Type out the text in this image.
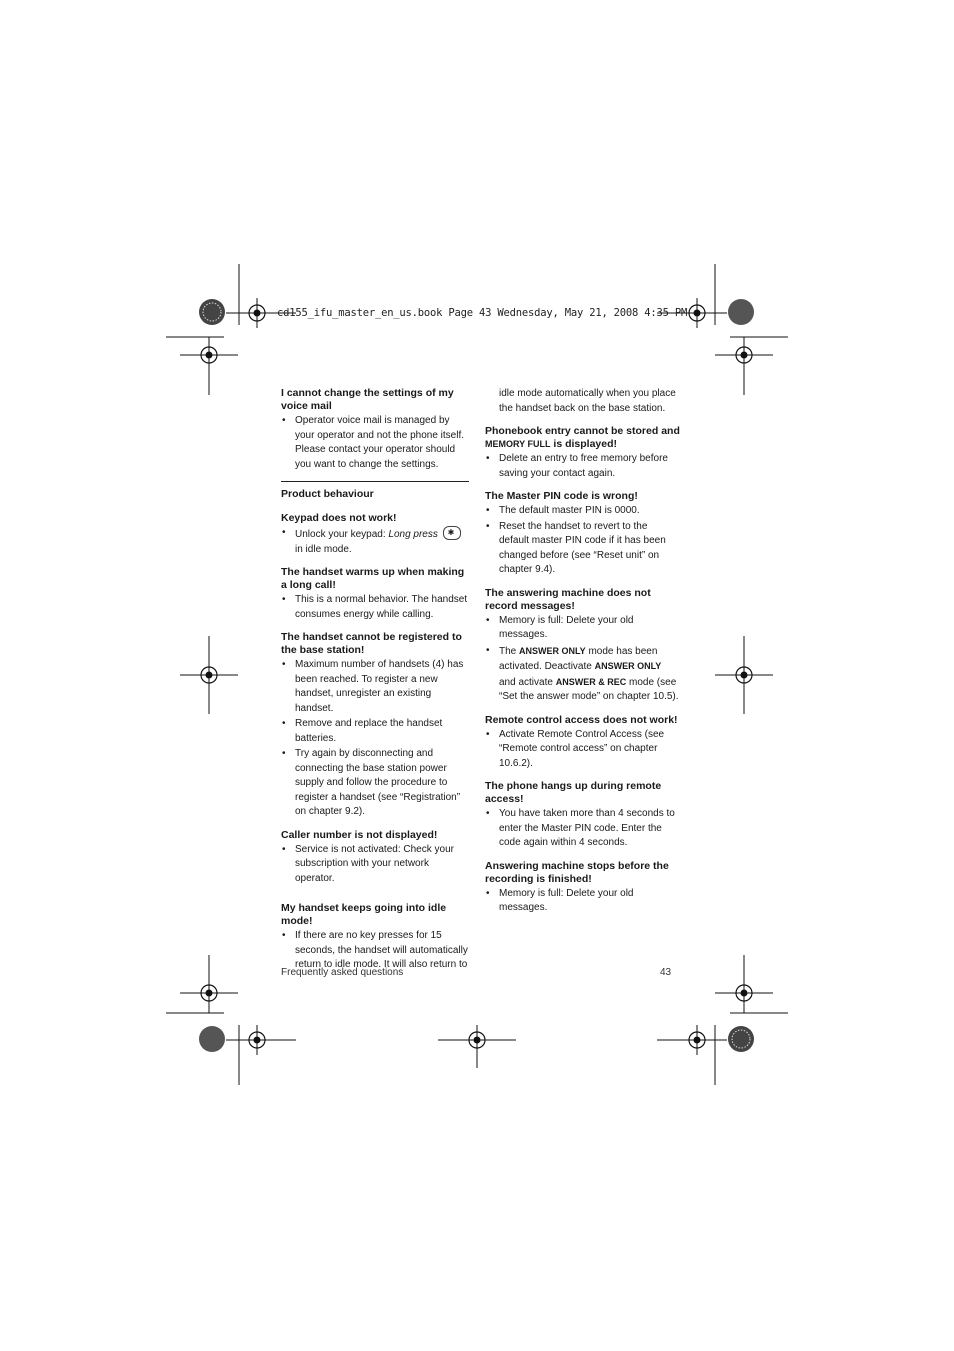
cd155_ifu_master_en_us.book Page 43 Wednesday, May 21, 2008 4:35 PM
I cannot change the settings of my voice mail
• Operator voice mail is managed by your operator and not the phone itself. Please contact your operator should you want to change the settings.
Product behaviour
Keypad does not work!
• Unlock your keypad: Long press ✱ in idle mode.
The handset warms up when making a long call!
• This is a normal behavior. The handset consumes energy while calling.
The handset cannot be registered to the base station!
• Maximum number of handsets (4) has been reached. To register a new handset, unregister an existing handset.
• Remove and replace the handset batteries.
• Try again by disconnecting and connecting the base station power supply and follow the procedure to register a handset (see “Registration” on chapter 9.2).
Caller number is not displayed!
• Service is not activated: Check your subscription with your network operator.
My handset keeps going into idle mode!
• If there are no key presses for 15 seconds, the handset will automatically return to idle mode. It will also return to
idle mode automatically when you place the handset back on the base station.
Phonebook entry cannot be stored and MEMORY FULL is displayed!
• Delete an entry to free memory before saving your contact again.
The Master PIN code is wrong!
• The default master PIN is 0000.
• Reset the handset to revert to the default master PIN code if it has been changed before (see “Reset unit” on chapter 9.4).
The answering machine does not record messages!
• Memory is full: Delete your old messages.
• The ANSWER ONLY mode has been activated. Deactivate ANSWER ONLY and activate ANSWER & REC mode (see “Set the answer mode” on chapter 10.5).
Remote control access does not work!
• Activate Remote Control Access (see “Remote control access” on chapter 10.6.2).
The phone hangs up during remote access!
• You have taken more than 4 seconds to enter the Master PIN code. Enter the code again within 4 seconds.
Answering machine stops before the recording is finished!
• Memory is full: Delete your old messages.
Frequently asked questions	43
